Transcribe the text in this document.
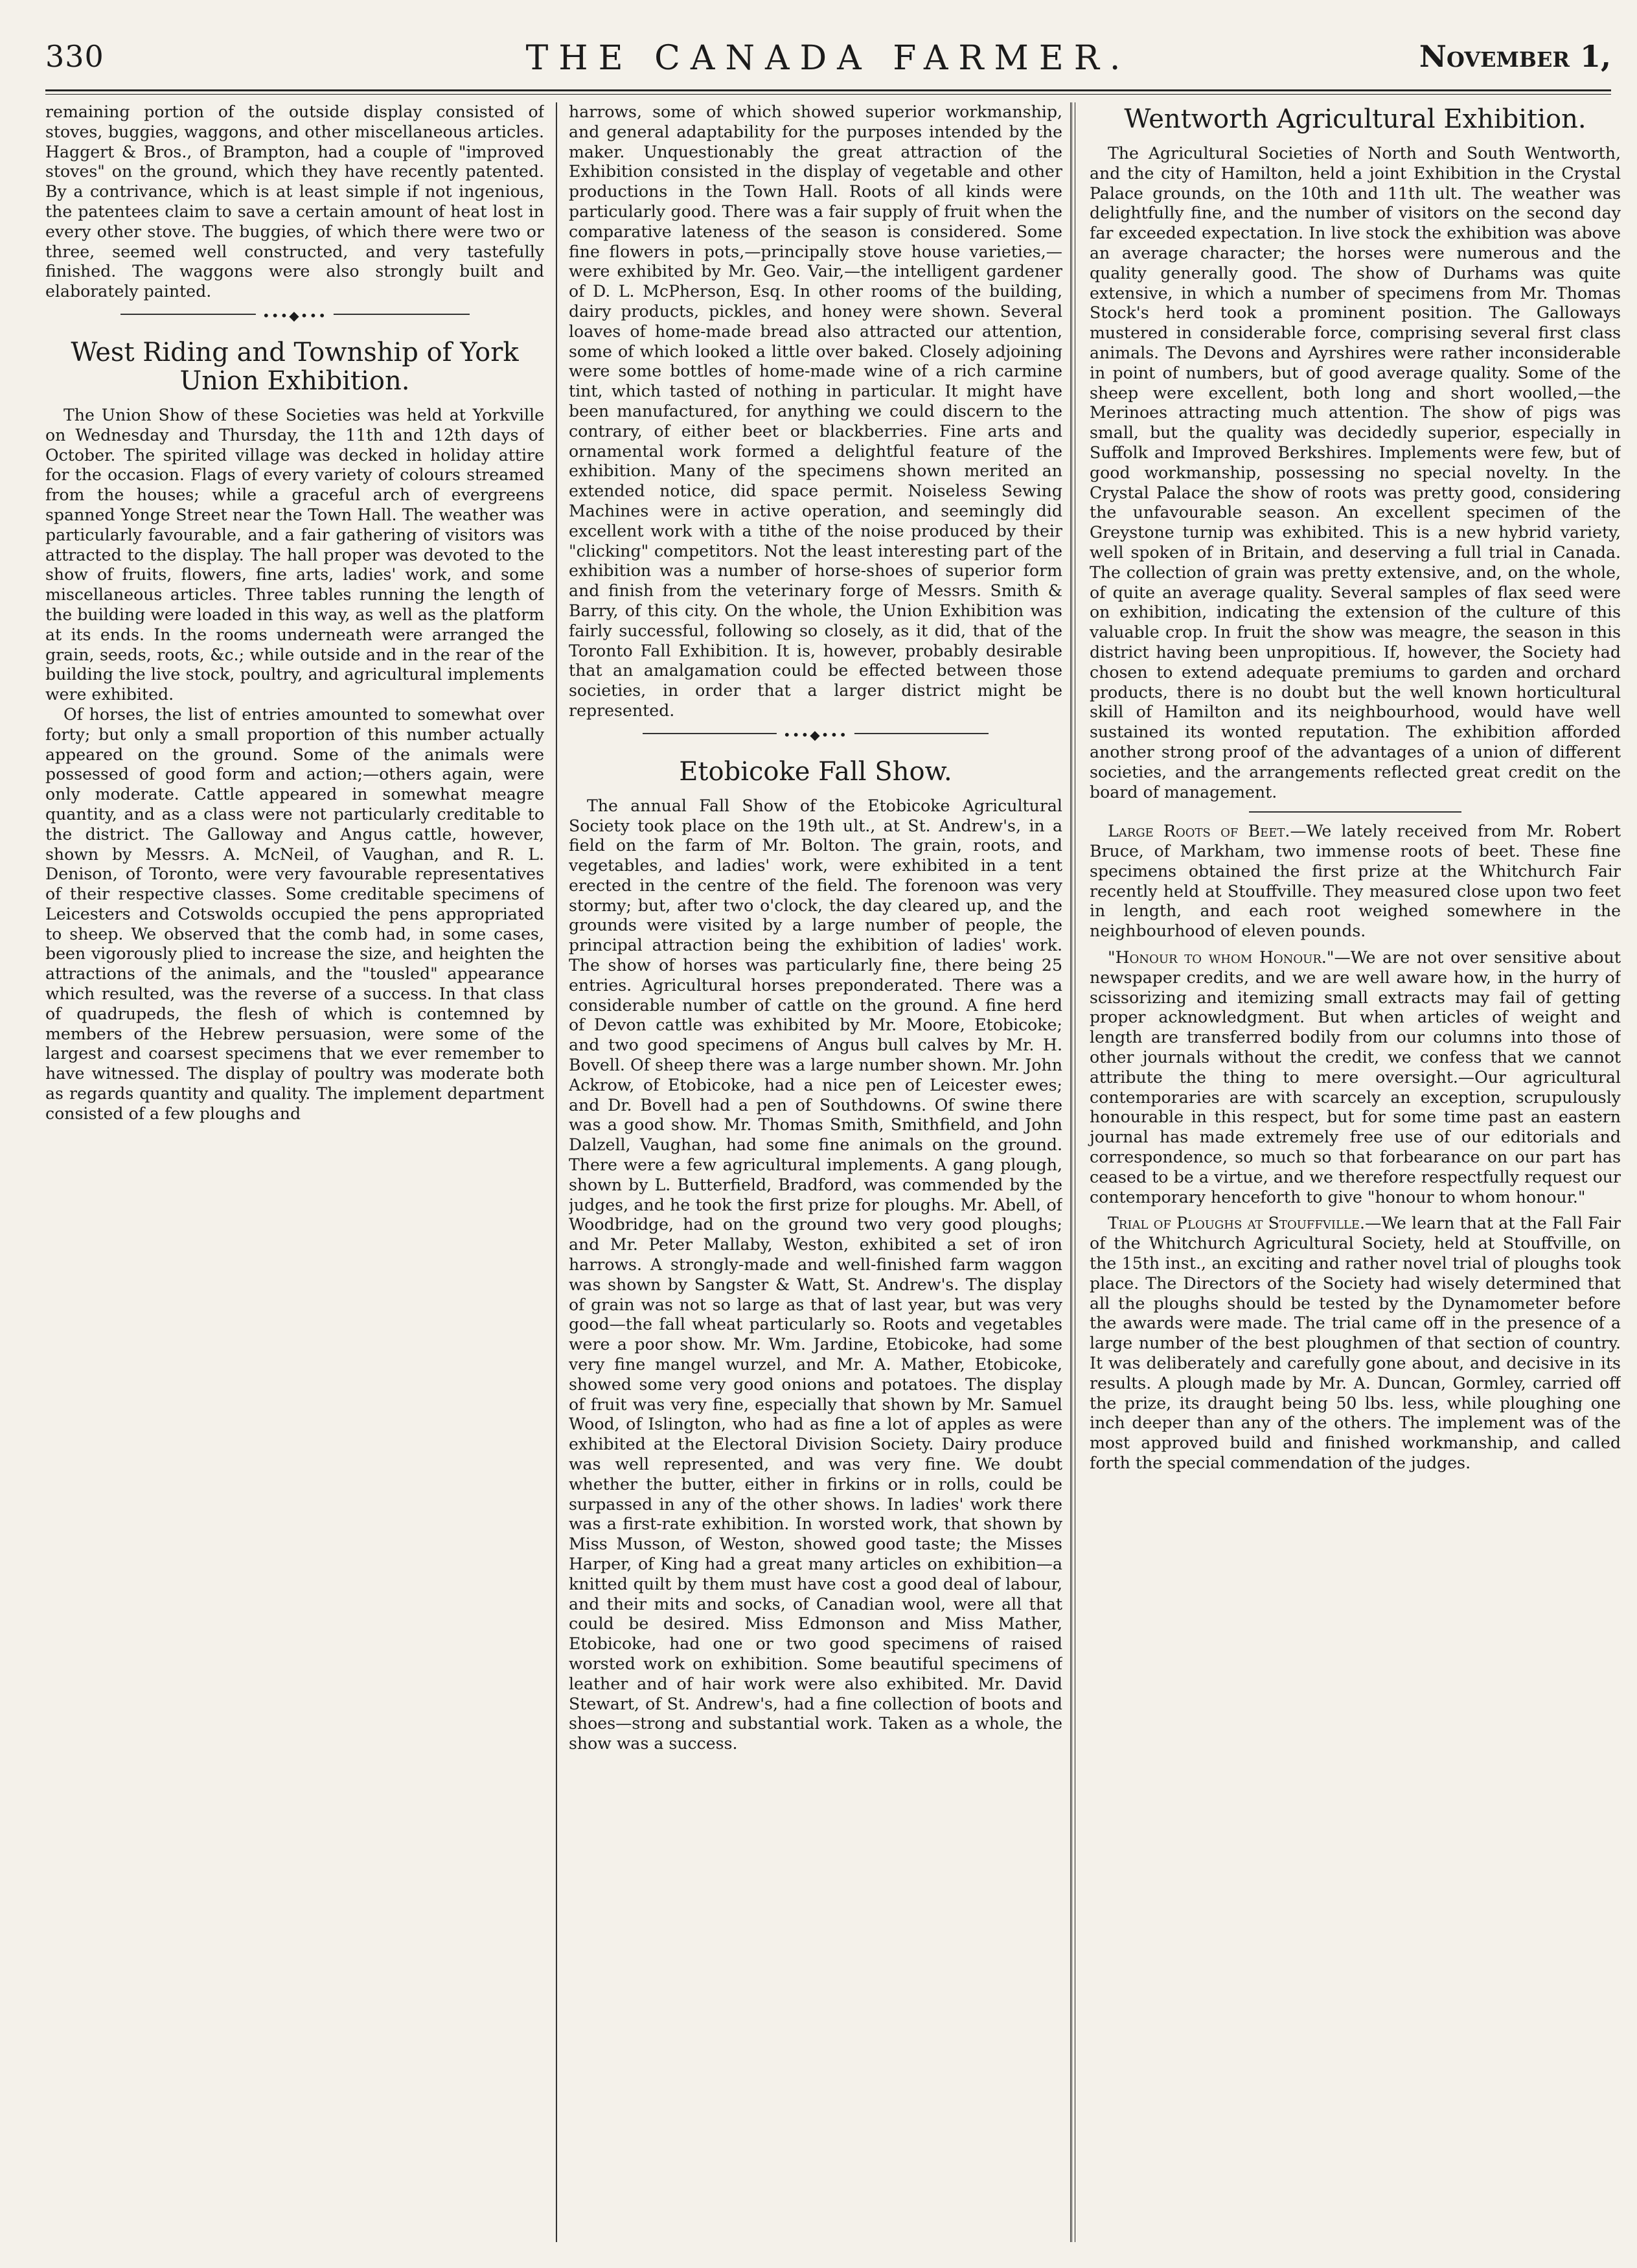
330	THE CANADA FARMER.	November 1,

remaining portion of the outside display consisted of stoves, buggies, waggons, and other miscellaneous articles. Haggert & Bros., of Brampton, had a couple of "improved stoves" on the ground, which they have recently patented. By a contrivance, which is at least simple if not ingenious, the patentees claim to save a certain amount of heat lost in every other stove. The buggies, of which there were two or three, seemed well constructed, and very tastefully finished. The waggons were also strongly built and elaborately painted.

•••◆•••
West Riding and Township of York Union Exhibition.

The Union Show of these Societies was held at Yorkville on Wednesday and Thursday, the 11th and 12th days of October. The spirited village was decked in holiday attire for the occasion. Flags of every variety of colours streamed from the houses; while a graceful arch of evergreens spanned Yonge Street near the Town Hall. The weather was particularly favourable, and a fair gathering of visitors was attracted to the display. The hall proper was devoted to the show of fruits, flowers, fine arts, ladies' work, and some miscellaneous articles. Three tables running the length of the building were loaded in this way, as well as the platform at its ends. In the rooms underneath were arranged the grain, seeds, roots, &c.; while outside and in the rear of the building the live stock, poultry, and agricultural implements were exhibited.

Of horses, the list of entries amounted to somewhat over forty; but only a small proportion of this number actually appeared on the ground. Some of the animals were possessed of good form and action;—others again, were only moderate. Cattle appeared in somewhat meagre quantity, and as a class were not particularly creditable to the district. The Galloway and Angus cattle, however, shown by Messrs. A. McNeil, of Vaughan, and R. L. Denison, of Toronto, were very favourable representatives of their respective classes. Some creditable specimens of Leicesters and Cotswolds occupied the pens appropriated to sheep. We observed that the comb had, in some cases, been vigorously plied to increase the size, and heighten the attractions of the animals, and the "tousled" appearance which resulted, was the reverse of a success. In that class of quadrupeds, the flesh of which is contemned by members of the Hebrew persuasion, were some of the largest and coarsest specimens that we ever remember to have witnessed. The display of poultry was moderate both as regards quantity and quality. The implement department consisted of a few ploughs and

harrows, some of which showed superior workmanship, and general adaptability for the purposes intended by the maker. Unquestionably the great attraction of the Exhibition consisted in the display of vegetable and other productions in the Town Hall. Roots of all kinds were particularly good. There was a fair supply of fruit when the comparative lateness of the season is considered. Some fine flowers in pots,—principally stove house varieties,—were exhibited by Mr. Geo. Vair,—the intelligent gardener of D. L. McPherson, Esq. In other rooms of the building, dairy products, pickles, and honey were shown. Several loaves of home-made bread also attracted our attention, some of which looked a little over baked. Closely adjoining were some bottles of home-made wine of a rich carmine tint, which tasted of nothing in particular. It might have been manufactured, for anything we could discern to the contrary, of either beet or blackberries. Fine arts and ornamental work formed a delightful feature of the exhibition. Many of the specimens shown merited an extended notice, did space permit. Noiseless Sewing Machines were in active operation, and seemingly did excellent work with a tithe of the noise produced by their "clicking" competitors. Not the least interesting part of the exhibition was a number of horse-shoes of superior form and finish from the veterinary forge of Messrs. Smith & Barry, of this city. On the whole, the Union Exhibition was fairly successful, following so closely, as it did, that of the Toronto Fall Exhibition. It is, however, probably desirable that an amalgamation could be effected between those societies, in order that a larger district might be represented.

•••◆•••
Etobicoke Fall Show.

The annual Fall Show of the Etobicoke Agricultural Society took place on the 19th ult., at St. Andrew's, in a field on the farm of Mr. Bolton. The grain, roots, and vegetables, and ladies' work, were exhibited in a tent erected in the centre of the field. The forenoon was very stormy; but, after two o'clock, the day cleared up, and the grounds were visited by a large number of people, the principal attraction being the exhibition of ladies' work. The show of horses was particularly fine, there being 25 entries. Agricultural horses preponderated. There was a considerable number of cattle on the ground. A fine herd of Devon cattle was exhibited by Mr. Moore, Etobicoke; and two good specimens of Angus bull calves by Mr. H. Bovell. Of sheep there was a large number shown. Mr. John Ackrow, of Etobicoke, had a nice pen of Leicester ewes; and Dr. Bovell had a pen of Southdowns. Of swine there was a good show. Mr. Thomas Smith, Smithfield, and John Dalzell, Vaughan, had some fine animals on the ground. There were a few agricultural implements. A gang plough, shown by L. Butterfield, Bradford, was commended by the judges, and he took the first prize for ploughs. Mr. Abell, of Woodbridge, had on the ground two very good ploughs; and Mr. Peter Mallaby, Weston, exhibited a set of iron harrows. A strongly-made and well-finished farm waggon was shown by Sangster & Watt, St. Andrew's. The display of grain was not so large as that of last year, but was very good—the fall wheat particularly so. Roots and vegetables were a poor show. Mr. Wm. Jardine, Etobicoke, had some very fine mangel wurzel, and Mr. A. Mather, Etobicoke, showed some very good onions and potatoes. The display of fruit was very fine, especially that shown by Mr. Samuel Wood, of Islington, who had as fine a lot of apples as were exhibited at the Electoral Division Society. Dairy produce was well represented, and was very fine. We doubt whether the butter, either in firkins or in rolls, could be surpassed in any of the other shows. In ladies' work there was a first-rate exhibition. In worsted work, that shown by Miss Musson, of Weston, showed good taste; the Misses Harper, of King had a great many articles on exhibition—a knitted quilt by them must have cost a good deal of labour, and their mits and socks, of Canadian wool, were all that could be desired. Miss Edmonson and Miss Mather, Etobicoke, had one or two good specimens of raised worsted work on exhibition. Some beautiful specimens of leather and of hair work were also exhibited. Mr. David Stewart, of St. Andrew's, had a fine collection of boots and shoes—strong and substantial work. Taken as a whole, the show was a success.

Wentworth Agricultural Exhibition.

The Agricultural Societies of North and South Wentworth, and the city of Hamilton, held a joint Exhibition in the Crystal Palace grounds, on the 10th and 11th ult. The weather was delightfully fine, and the number of visitors on the second day far exceeded expectation. In live stock the exhibition was above an average character; the horses were numerous and the quality generally good. The show of Durhams was quite extensive, in which a number of specimens from Mr. Thomas Stock's herd took a prominent position. The Galloways mustered in considerable force, comprising several first class animals. The Devons and Ayrshires were rather inconsiderable in point of numbers, but of good average quality. Some of the sheep were excellent, both long and short woolled,—the Merinoes attracting much attention. The show of pigs was small, but the quality was decidedly superior, especially in Suffolk and Improved Berkshires. Implements were few, but of good workmanship, possessing no special novelty. In the Crystal Palace the show of roots was pretty good, considering the unfavourable season. An excellent specimen of the Greystone turnip was exhibited. This is a new hybrid variety, well spoken of in Britain, and deserving a full trial in Canada. The collection of grain was pretty extensive, and, on the whole, of quite an average quality. Several samples of flax seed were on exhibition, indicating the extension of the culture of this valuable crop. In fruit the show was meagre, the season in this district having been unpropitious. If, however, the Society had chosen to extend adequate premiums to garden and orchard products, there is no doubt but the well known horticultural skill of Hamilton and its neighbourhood, would have well sustained its wonted reputation. The exhibition afforded another strong proof of the advantages of a union of different societies, and the arrangements reflected great credit on the board of management.

Large Roots of Beet.—We lately received from Mr. Robert Bruce, of Markham, two immense roots of beet. These fine specimens obtained the first prize at the Whitchurch Fair recently held at Stouffville. They measured close upon two feet in length, and each root weighed somewhere in the neighbourhood of eleven pounds.

"Honour to whom Honour."—We are not over sensitive about newspaper credits, and we are well aware how, in the hurry of scissorizing and itemizing small extracts may fail of getting proper acknowledgment. But when articles of weight and length are transferred bodily from our columns into those of other journals without the credit, we confess that we cannot attribute the thing to mere oversight.—Our agricultural contemporaries are with scarcely an exception, scrupulously honourable in this respect, but for some time past an eastern journal has made extremely free use of our editorials and correspondence, so much so that forbearance on our part has ceased to be a virtue, and we therefore respectfully request our contemporary henceforth to give "honour to whom honour."

Trial of Ploughs at Stouffville.—We learn that at the Fall Fair of the Whitchurch Agricultural Society, held at Stouffville, on the 15th inst., an exciting and rather novel trial of ploughs took place. The Directors of the Society had wisely determined that all the ploughs should be tested by the Dynamometer before the awards were made. The trial came off in the presence of a large number of the best ploughmen of that section of country. It was deliberately and carefully gone about, and decisive in its results. A plough made by Mr. A. Duncan, Gormley, carried off the prize, its draught being 50 lbs. less, while ploughing one inch deeper than any of the others. The implement was of the most approved build and finished workmanship, and called forth the special commendation of the judges.
